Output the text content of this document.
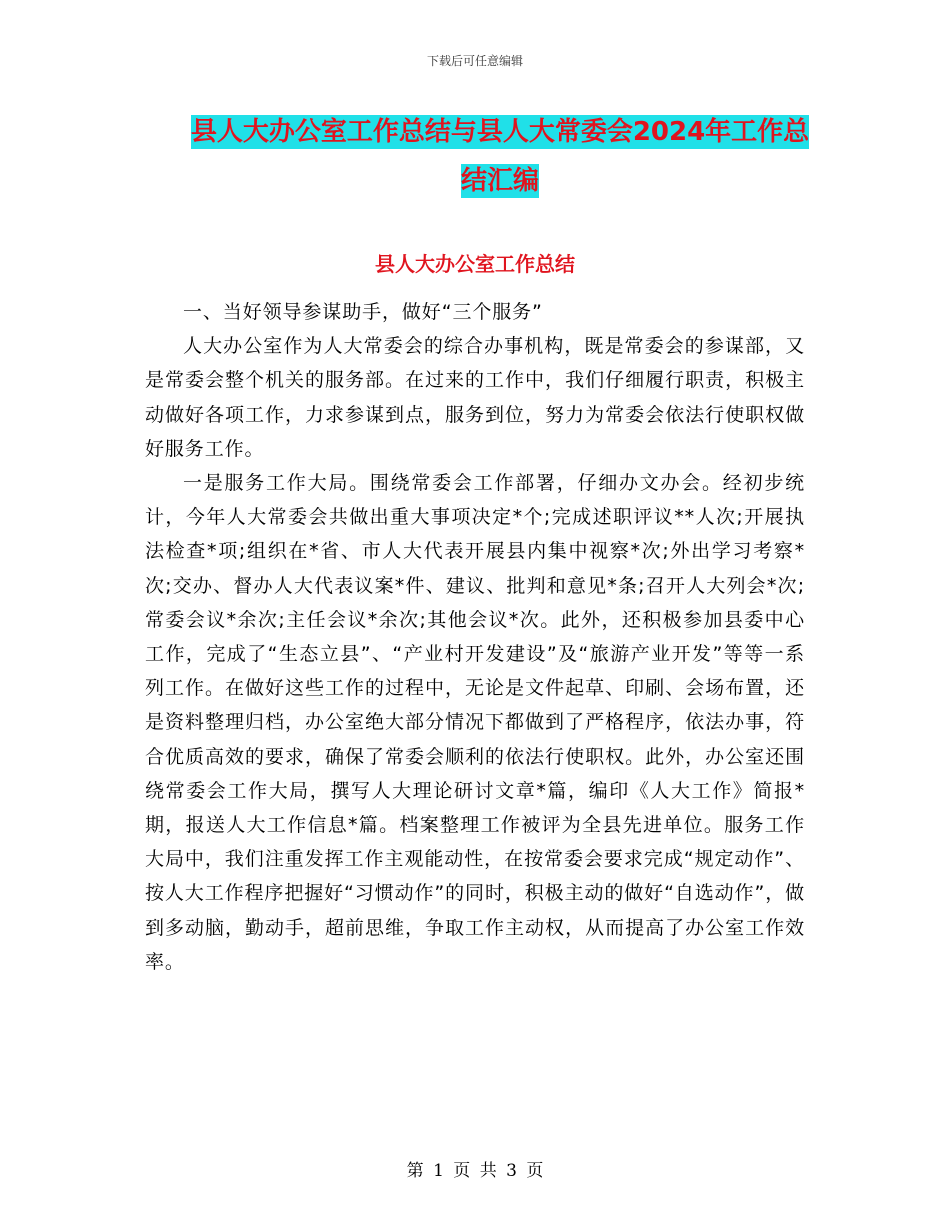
下载后可任意编辑
县人大办公室工作总结与县人大常委会2024年工作总结汇编
县人大办公室工作总结

一、当好领导参谋助手，做好“三个服务”

人大办公室作为人大常委会的综合办事机构，既是常委会的参谋部，又是常委会整个机关的服务部。在过来的工作中，我们仔细履行职责，积极主动做好各项工作，力求参谋到点，服务到位，努力为常委会依法行使职权做好服务工作。

一是服务工作大局。围绕常委会工作部署，仔细办文办会。经初步统计，今年人大常委会共做出重大事项决定*个;完成述职评议**人次;开展执法检查*项;组织在*省、市人大代表开展县内集中视察*次;外出学习考察*次;交办、督办人大代表议案*件、建议、批判和意见*条;召开人大列会*次;常委会议*余次;主任会议*余次;其他会议*次。此外，还积极参加县委中心工作，完成了“生态立县”、“产业村开发建设”及“旅游产业开发”等等一系列工作。在做好这些工作的过程中，无论是文件起草、印刷、会场布置，还是资料整理归档，办公室绝大部分情况下都做到了严格程序，依法办事，符合优质高效的要求，确保了常委会顺利的依法行使职权。此外，办公室还围绕常委会工作大局，撰写人大理论研讨文章*篇，编印《人大工作》简报*期，报送人大工作信息*篇。档案整理工作被评为全县先进单位。服务工作大局中，我们注重发挥工作主观能动性，在按常委会要求完成“规定动作”、按人大工作程序把握好“习惯动作”的同时，积极主动的做好“自选动作”，做到多动脑，勤动手，超前思维，争取工作主动权，从而提高了办公室工作效率。

第 1 页 共 3 页
